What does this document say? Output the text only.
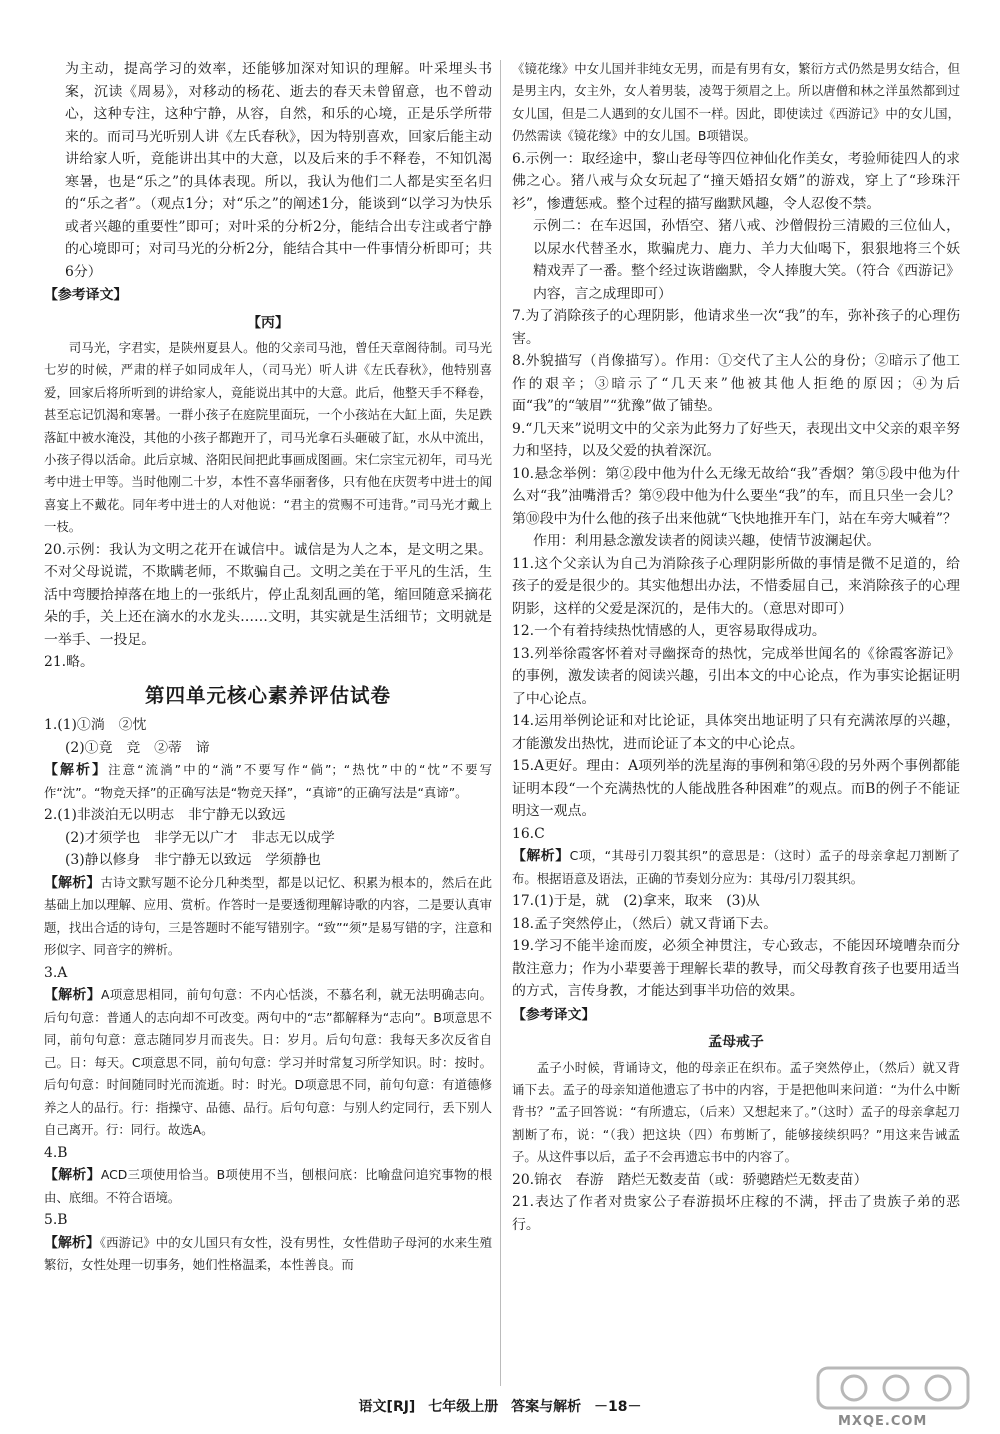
为主动，提高学习的效率，还能够加深对知识的理解。叶采埋头书案，沉读《周易》，对移动的杨花、逝去的春天未曾留意，也不曾动心，这种专注，这种宁静，从容，自然，和乐的心境，正是乐学所带来的。而司马光听别人讲《左氏春秋》，因为特别喜欢，回家后能主动讲给家人听，竟能讲出其中的大意，以及后来的手不释卷，不知饥渴寒暑，也是“乐之”的具体表现。所以，我认为他们二人都是实至名归的“乐之者”。（观点1分；对“乐之”的阐述1分，能谈到“以学习为快乐或者兴趣的重要性”即可；对叶采的分析2分，能结合出专注或者宁静的心境即可；对司马光的分析2分，能结合其中一件事情分析即可；共6分）

【参考译文】

【丙】

司马光，字君实，是陕州夏县人。他的父亲司马池，曾任天章阁待制。司马光七岁的时候，严肃的样子如同成年人，（司马光）听人讲《左氏春秋》，他特别喜爱，回家后将所听到的讲给家人，竟能说出其中的大意。此后，他整天手不释卷，甚至忘记饥渴和寒暑。一群小孩子在庭院里面玩，一个小孩站在大缸上面，失足跌落缸中被水淹没，其他的小孩子都跑开了，司马光拿石头砸破了缸，水从中流出，小孩子得以活命。此后京城、洛阳民间把此事画成图画。宋仁宗宝元初年，司马光考中进士甲等。当时他刚二十岁，本性不喜华丽奢侈，只有他在庆贺考中进士的闻喜宴上不戴花。同年考中进士的人对他说：“君主的赏赐不可违背。”司马光才戴上一枝。

20.示例：我认为文明之花开在诚信中。诚信是为人之本，是文明之果。不对父母说谎，不欺瞒老师，不欺骗自己。文明之美在于平凡的生活，生活中弯腰拾掉落在地上的一张纸片，停止乱刻乱画的笔，缩回随意采摘花朵的手，关上还在滴水的水龙头……文明，其实就是生活细节；文明就是一举手、一投足。

21.略。

第四单元核心素养评估试卷

1.(1)①淌　②忱

(2)①竟　竞　②蒂　谛

【解析】注意“流淌”中的“淌”不要写作“倘”；“热忱”中的“忱”不要写作“沈”。“物竞天择”的正确写法是“物竞天择”，“真谛”的正确写法是“真谛”。

2.(1)非淡泊无以明志　非宁静无以致远

(2)才须学也　非学无以广才　非志无以成学

(3)静以修身　非宁静无以致远　学须静也

【解析】古诗文默写题不论分几种类型，都是以记忆、积累为根本的，然后在此基础上加以理解、应用、赏析。作答时一是要透彻理解诗歌的内容，二是要认真审题，找出合适的诗句，三是答题时不能写错别字。“致”“须”是易写错的字，注意和形似字、同音字的辨析。

3.A

【解析】A项意思相同，前句句意：不内心恬淡，不慕名利，就无法明确志向。后句句意：普通人的志向却不可改变。两句中的“志”都解释为“志向”。B项意思不同，前句句意：意志随同岁月而丧失。日：岁月。后句句意：我每天多次反省自己。日：每天。C项意思不同，前句句意：学习并时常复习所学知识。时：按时。后句句意：时间随同时光而流逝。时：时光。D项意思不同，前句句意：有道德修养之人的品行。行：指操守、品德、品行。后句句意：与别人约定同行，丢下别人自己离开。行：同行。故选A。

4.B

【解析】ACD三项使用恰当。B项使用不当，刨根问底：比喻盘问追究事物的根由、底细。不符合语境。

5.B

【解析】《西游记》中的女儿国只有女性，没有男性，女性借助子母河的水来生殖繁衍，女性处理一切事务，她们性格温柔，本性善良。而

《镜花缘》中女儿国并非纯女无男，而是有男有女，繁衍方式仍然是男女结合，但是男主内，女主外，女人着男装，凌驾于须眉之上。所以唐僧和林之洋虽然都到过女儿国，但是二人遇到的女儿国不一样。因此，即使读过《西游记》中的女儿国，仍然需读《镜花缘》中的女儿国。B项错误。

6.示例一：取经途中，黎山老母等四位神仙化作美女，考验师徒四人的求佛之心。猪八戒与众女玩起了“撞天婚招女婿”的游戏，穿上了“珍珠汗衫”，惨遭惩戒。整个过程的描写幽默风趣，令人忍俊不禁。

示例二：在车迟国，孙悟空、猪八戒、沙僧假扮三清殿的三位仙人，以尿水代替圣水，欺骗虎力、鹿力、羊力大仙喝下，狠狠地将三个妖精戏弄了一番。整个经过诙谐幽默，令人捧腹大笑。（符合《西游记》内容，言之成理即可）

7.为了消除孩子的心理阴影，他请求坐一次“我”的车，弥补孩子的心理伤害。

8.外貌描写（肖像描写）。作用：①交代了主人公的身份；②暗示了他工作的艰辛；③暗示了“几天来”他被其他人拒绝的原因；④为后面“我”的“皱眉”“犹豫”做了铺垫。

9.“几天来”说明文中的父亲为此努力了好些天，表现出文中父亲的艰辛努力和坚持，以及父爱的执着深沉。

10.悬念举例：第②段中他为什么无缘无故给“我”香烟？第⑤段中他为什么对“我”油嘴滑舌？第⑨段中他为什么要坐“我”的车，而且只坐一会儿？第⑩段中为什么他的孩子出来他就“飞快地推开车门，站在车旁大喊着”？

作用：利用悬念激发读者的阅读兴趣，使情节波澜起伏。

11.这个父亲认为自己为消除孩子心理阴影所做的事情是微不足道的，给孩子的爱是很少的。其实他想出办法，不惜委屈自己，来消除孩子的心理阴影，这样的父爱是深沉的，是伟大的。（意思对即可）

12.一个有着持续热忱情感的人，更容易取得成功。

13.列举徐霞客怀着对寻幽探奇的热忱，完成举世闻名的《徐霞客游记》的事例，激发读者的阅读兴趣，引出本文的中心论点，作为事实论据证明了中心论点。

14.运用举例论证和对比论证，具体突出地证明了只有充满浓厚的兴趣，才能激发出热忱，进而论证了本文的中心论点。

15.A更好。理由：A项列举的洗星海的事例和第④段的另外两个事例都能证明本段“一个充满热忱的人能战胜各种困难”的观点。而B的例子不能证明这一观点。

16.C

【解析】C项，“其母引刀裂其织”的意思是：（这时）孟子的母亲拿起刀割断了布。根据语意及语法，正确的节奏划分应为：其母/引刀裂其织。

17.(1)于是，就　(2)拿来，取来　(3)从

18.孟子突然停止，（然后）就又背诵下去。

19.学习不能半途而废，必须全神贯注，专心致志，不能因环境嘈杂而分散注意力；作为小辈要善于理解长辈的教导，而父母教育孩子也要用适当的方式，言传身教，才能达到事半功倍的效果。

【参考译文】

孟母戒子

孟子小时候，背诵诗文，他的母亲正在织布。孟子突然停止，（然后）就又背诵下去。孟子的母亲知道他遗忘了书中的内容，于是把他叫来问道：“为什么中断背书？”孟子回答说：“有所遗忘，（后来）又想起来了。”（这时）孟子的母亲拿起刀割断了布，说：“（我）把这块（四）布剪断了，能够接续织吗？”用这来告诫孟子。从这件事以后，孟子不会再遗忘书中的内容了。

20.锦衣　春游　踏烂无数麦苗（或：骄骢踏烂无数麦苗）

21.表达了作者对贵家公子春游损坏庄稼的不满，抨击了贵族子弟的恶行。

语文[RJ] 七年级上册 答案与解析 －18－
MXQE.COM
